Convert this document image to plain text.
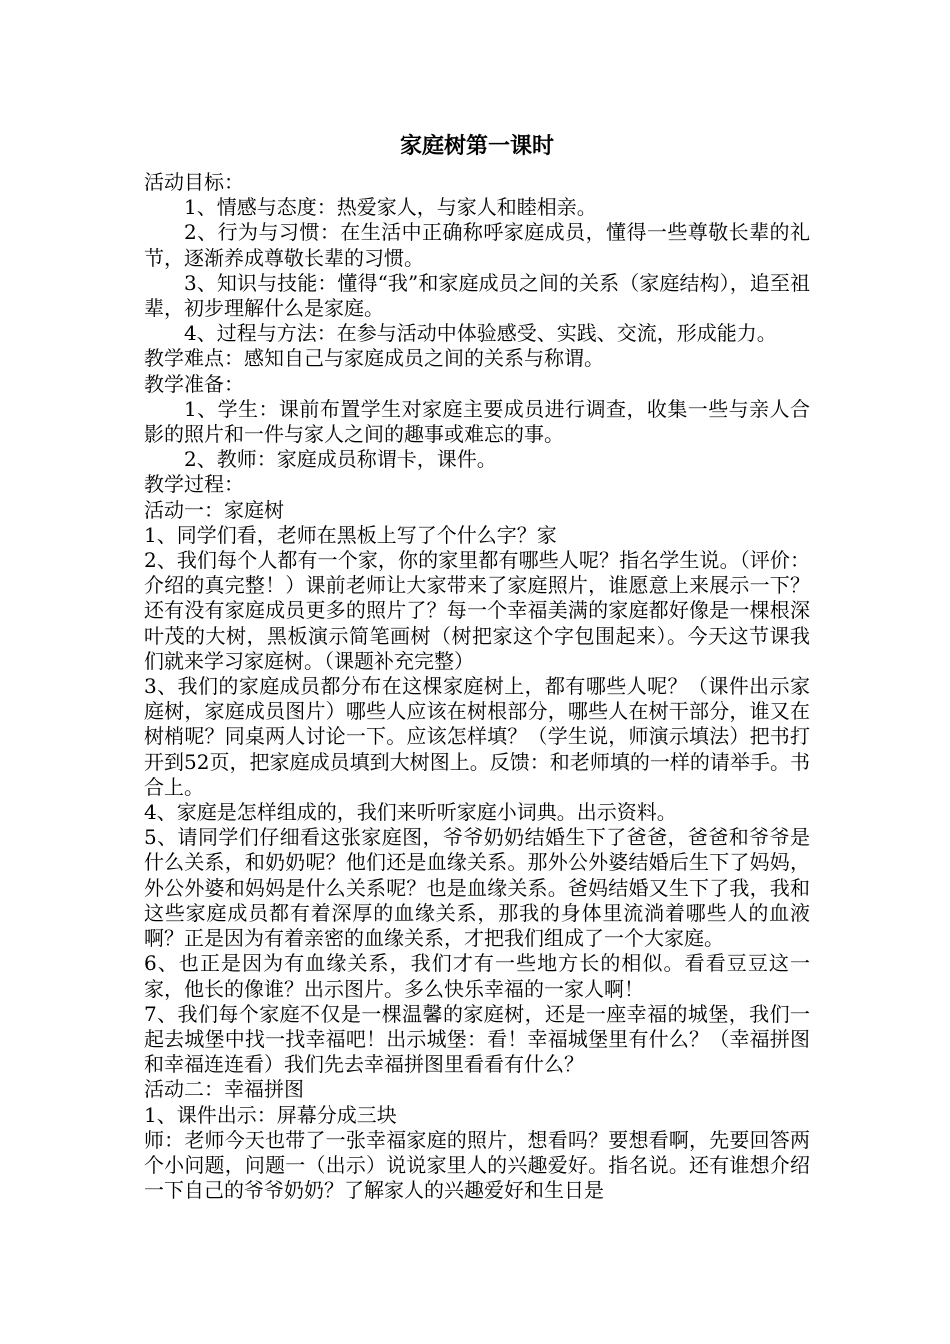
家庭树第一课时

活动目标：

1、情感与态度：热爱家人，与家人和睦相亲。

2、行为与习惯：在生活中正确称呼家庭成员，懂得一些尊敬长辈的礼节，逐渐养成尊敬长辈的习惯。

3、知识与技能：懂得“我”和家庭成员之间的关系（家庭结构），追至祖辈，初步理解什么是家庭。

4、过程与方法：在参与活动中体验感受、实践、交流，形成能力。

教学难点：感知自己与家庭成员之间的关系与称谓。

教学准备：

1、学生：课前布置学生对家庭主要成员进行调查，收集一些与亲人合影的照片和一件与家人之间的趣事或难忘的事。

2、教师：家庭成员称谓卡，课件。

教学过程：

活动一：家庭树

1、同学们看，老师在黑板上写了个什么字？家

2、我们每个人都有一个家，你的家里都有哪些人呢？指名学生说。（评价：介绍的真完整！）课前老师让大家带来了家庭照片，谁愿意上来展示一下？还有没有家庭成员更多的照片了？每一个幸福美满的家庭都好像是一棵根深叶茂的大树，黑板演示简笔画树（树把家这个字包围起来）。今天这节课我们就来学习家庭树。（课题补充完整）

3、我们的家庭成员都分布在这棵家庭树上，都有哪些人呢？（课件出示家庭树，家庭成员图片）哪些人应该在树根部分，哪些人在树干部分，谁又在树梢呢？同桌两人讨论一下。应该怎样填？（学生说，师演示填法）把书打开到52页，把家庭成员填到大树图上。反馈：和老师填的一样的请举手。书合上。

4、家庭是怎样组成的，我们来听听家庭小词典。出示资料。

5、请同学们仔细看这张家庭图，爷爷奶奶结婚生下了爸爸，爸爸和爷爷是什么关系，和奶奶呢？他们还是血缘关系。那外公外婆结婚后生下了妈妈，外公外婆和妈妈是什么关系呢？也是血缘关系。爸妈结婚又生下了我，我和这些家庭成员都有着深厚的血缘关系，那我的身体里流淌着哪些人的血液啊？正是因为有着亲密的血缘关系，才把我们组成了一个大家庭。

6、也正是因为有血缘关系，我们才有一些地方长的相似。看看豆豆这一家，他长的像谁？出示图片。多么快乐幸福的一家人啊！

7、我们每个家庭不仅是一棵温馨的家庭树，还是一座幸福的城堡，我们一起去城堡中找一找幸福吧！出示城堡：看！幸福城堡里有什么？（幸福拼图和幸福连连看）我们先去幸福拼图里看看有什么？

活动二：幸福拼图

1、课件出示：屏幕分成三块

师：老师今天也带了一张幸福家庭的照片，想看吗？要想看啊，先要回答两个小问题，问题一（出示）说说家里人的兴趣爱好。指名说。还有谁想介绍一下自己的爷爷奶奶？了解家人的兴趣爱好和生日是
